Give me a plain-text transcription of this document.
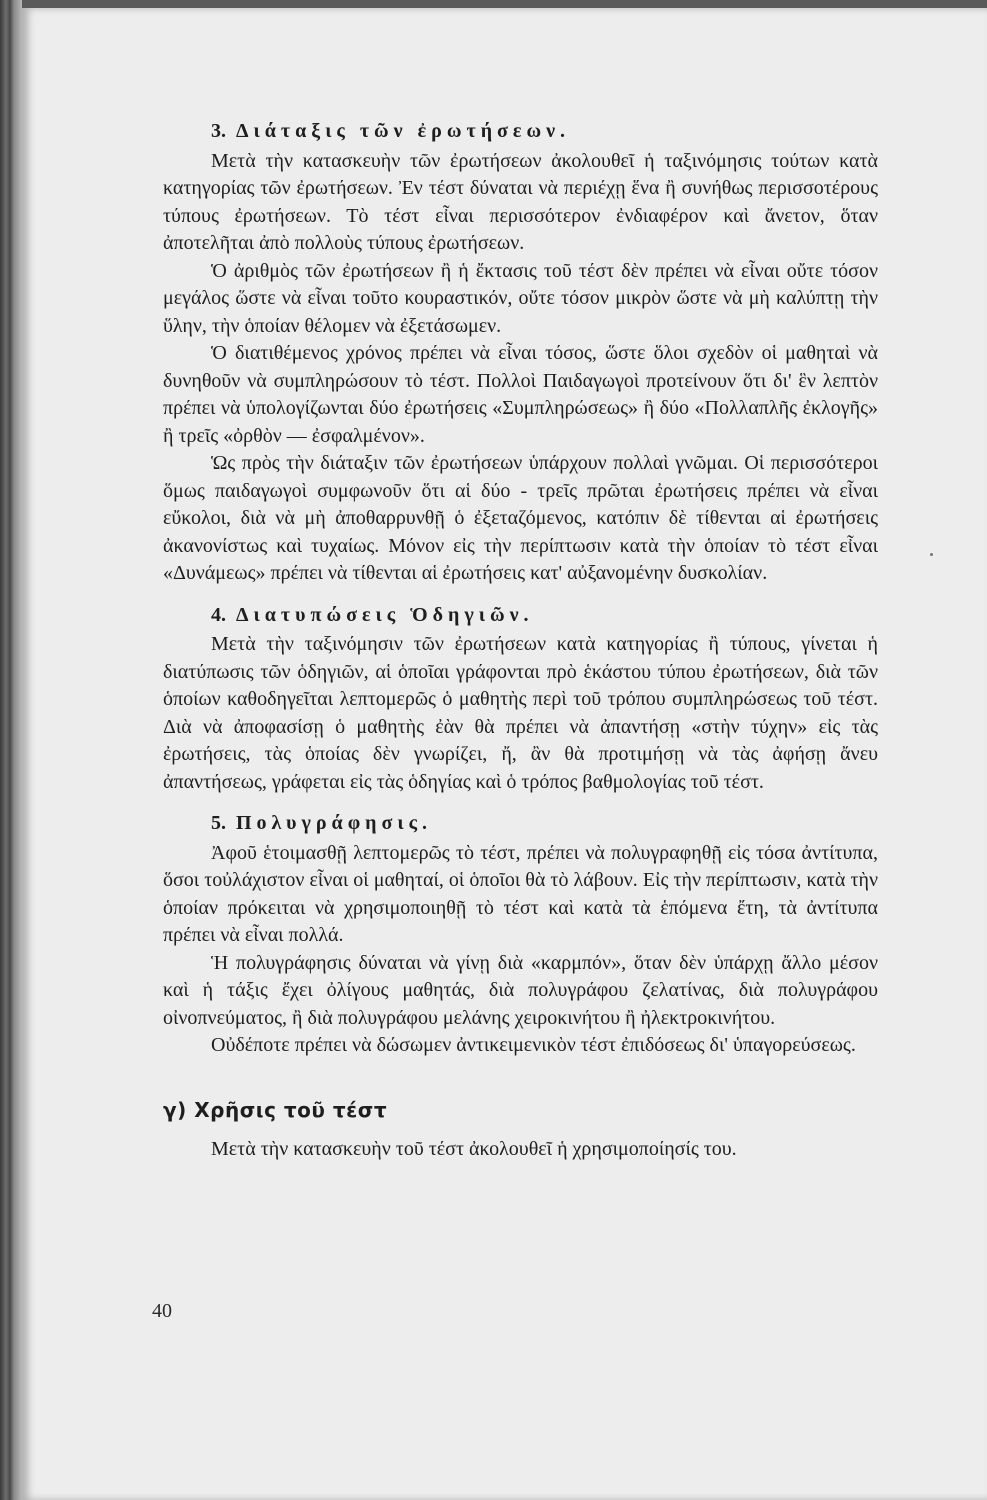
3. Διάταξις τῶν ἐρωτήσεων.

Μετὰ τὴν κατασκευὴν τῶν ἐρωτήσεων ἀκολουθεῖ ἡ ταξινόμησις τούτων κατὰ κατηγορίας τῶν ἐρωτήσεων. Ἐν τέστ δύναται νὰ περιέχῃ ἕνα ἢ συνήθως περισσοτέρους τύπους ἐρωτήσεων. Τὸ τέστ εἶναι περισσότερον ἐνδιαφέρον καὶ ἄνετον, ὅταν ἀποτελῆται ἀπὸ πολλοὺς τύπους ἐρωτήσεων.

Ὁ ἀριθμὸς τῶν ἐρωτήσεων ἢ ἡ ἔκτασις τοῦ τέστ δὲν πρέπει νὰ εἶναι οὔτε τόσον μεγάλος ὥστε νὰ εἶναι τοῦτο κουραστικόν, οὔτε τόσον μικρὸν ὥστε νὰ μὴ καλύπτῃ τὴν ὕλην, τὴν ὁποίαν θέλομεν νὰ ἐξετάσωμεν.

Ὁ διατιθέμενος χρόνος πρέπει νὰ εἶναι τόσος, ὥστε ὅλοι σχεδὸν οἱ μαθηταὶ νὰ δυνηθοῦν νὰ συμπληρώσουν τὸ τέστ. Πολλοὶ Παιδαγωγοὶ προτείνουν ὅτι δι' ἓν λεπτὸν πρέπει νὰ ὑπολογίζωνται δύο ἐρωτήσεις «Συμπληρώσεως» ἢ δύο «Πολλαπλῆς ἐκλογῆς» ἢ τρεῖς «ὀρθὸν — ἐσφαλμένον».

Ὡς πρὸς τὴν διάταξιν τῶν ἐρωτήσεων ὑπάρχουν πολλαὶ γνῶμαι. Οἱ περισσότεροι ὅμως παιδαγωγοὶ συμφωνοῦν ὅτι αἱ δύο - τρεῖς πρῶται ἐρωτήσεις πρέπει νὰ εἶναι εὔκολοι, διὰ νὰ μὴ ἀποθαρρυνθῇ ὁ ἐξεταζόμενος, κατόπιν δὲ τίθενται αἱ ἐρωτήσεις ἀκανονίστως καὶ τυχαίως. Μόνον εἰς τὴν περίπτωσιν κατὰ τὴν ὁποίαν τὸ τέστ εἶναι «Δυνάμεως» πρέπει νὰ τίθενται αἱ ἐρωτήσεις κατ' αὐξανομένην δυσκολίαν.

4. Διατυπώσεις Ὁδηγιῶν.

Μετὰ τὴν ταξινόμησιν τῶν ἐρωτήσεων κατὰ κατηγορίας ἢ τύπους, γίνεται ἡ διατύπωσις τῶν ὁδηγιῶν, αἱ ὁποῖαι γράφονται πρὸ ἑκάστου τύπου ἐρωτήσεων, διὰ τῶν ὁποίων καθοδηγεῖται λεπτομερῶς ὁ μαθητὴς περὶ τοῦ τρόπου συμπληρώσεως τοῦ τέστ. Διὰ νὰ ἀποφασίσῃ ὁ μαθητὴς ἐὰν θὰ πρέπει νὰ ἀπαντήσῃ «στὴν τύχην» εἰς τὰς ἐρωτήσεις, τὰς ὁποίας δὲν γνωρίζει, ἤ, ἂν θὰ προτιμήσῃ νὰ τὰς ἀφήσῃ ἄνευ ἀπαντήσεως, γράφεται εἰς τὰς ὁδηγίας καὶ ὁ τρόπος βαθμολογίας τοῦ τέστ.

5. Πολυγράφησις.

Ἀφοῦ ἑτοιμασθῇ λεπτομερῶς τὸ τέστ, πρέπει νὰ πολυγραφηθῇ εἰς τόσα ἀντίτυπα, ὅσοι τοὐλάχιστον εἶναι οἱ μαθηταί, οἱ ὁποῖοι θὰ τὸ λάβουν. Εἰς τὴν περίπτωσιν, κατὰ τὴν ὁποίαν πρόκειται νὰ χρησιμοποιηθῇ τὸ τέστ καὶ κατὰ τὰ ἑπόμενα ἔτη, τὰ ἀντίτυπα πρέπει νὰ εἶναι πολλά.

Ἡ πολυγράφησις δύναται νὰ γίνῃ διὰ «καρμπόν», ὅταν δὲν ὑπάρχῃ ἄλλο μέσον καὶ ἡ τάξις ἔχει ὀλίγους μαθητάς, διὰ πολυγράφου ζελατίνας, διὰ πολυγράφου οἰνοπνεύματος, ἢ διὰ πολυγράφου μελάνης χειροκινήτου ἢ ἠλεκτροκινήτου.

Οὐδέποτε πρέπει νὰ δώσωμεν ἀντικειμενικὸν τέστ ἐπιδόσεως δι' ὑπαγορεύσεως.

γ) Χρῆσις τοῦ τέστ

Μετὰ τὴν κατασκευὴν τοῦ τέστ ἀκολουθεῖ ἡ χρησιμοποίησίς του.

40
